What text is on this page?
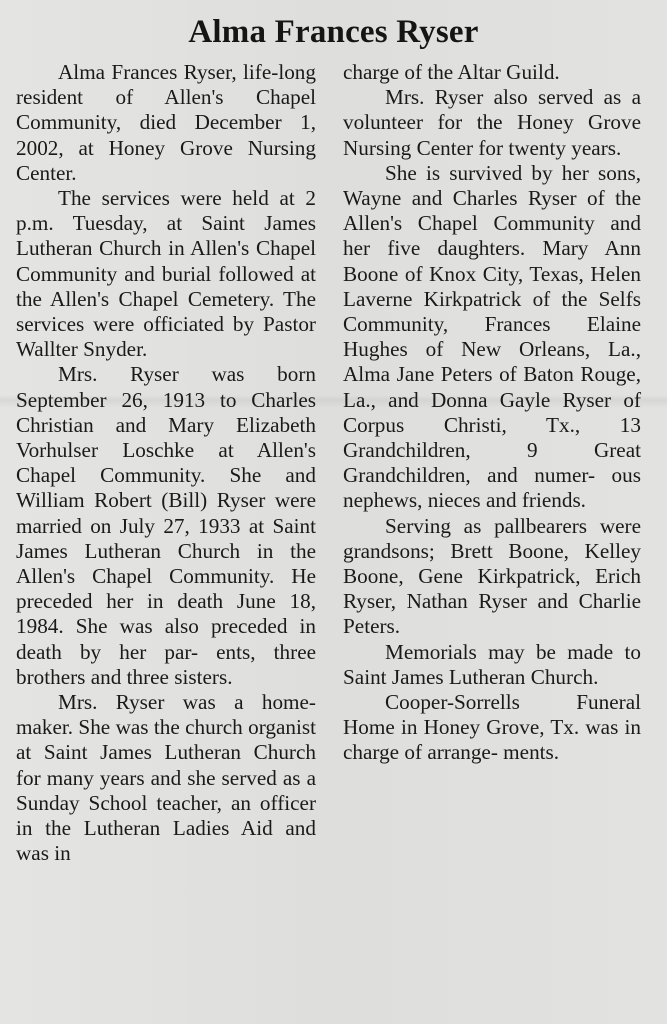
Alma Frances Ryser

Alma Frances Ryser, life-long resident of Allen's Chapel Community, died December 1, 2002, at Honey Grove Nursing Center.

The services were held at 2 p.m. Tuesday, at Saint James Lutheran Church in Allen's Chapel Community and burial followed at the Allen's Chapel Cemetery. The services were officiated by Pastor Wallter Snyder.

Mrs. Ryser was born September 26, 1913 to Charles Christian and Mary Elizabeth Vorhulser Loschke at Allen's Chapel Community. She and William Robert (Bill) Ryser were married on July 27, 1933 at Saint James Lutheran Church in the Allen's Chapel Community. He preceded her in death June 18, 1984. She was also preceded in death by her par- ents, three brothers and three sisters.

Mrs. Ryser was a home- maker. She was the church organist at Saint James Lutheran Church for many years and she served as a Sunday School teacher, an officer in the Lutheran Ladies Aid and was in

charge of the Altar Guild.

Mrs. Ryser also served as a volunteer for the Honey Grove Nursing Center for twenty years.

She is survived by her sons, Wayne and Charles Ryser of the Allen's Chapel Community and her five daughters. Mary Ann Boone of Knox City, Texas, Helen Laverne Kirkpatrick of the Selfs Community, Frances Elaine Hughes of New Orleans, La., Alma Jane Peters of Baton Rouge, La., and Donna Gayle Ryser of Corpus Christi, Tx., 13 Grandchildren, 9 Great Grandchildren, and numer- ous nephews, nieces and friends.

Serving as pallbearers were grandsons; Brett Boone, Kelley Boone, Gene Kirkpatrick, Erich Ryser, Nathan Ryser and Charlie Peters.

Memorials may be made to Saint James Lutheran Church.

Cooper-Sorrells Funeral Home in Honey Grove, Tx. was in charge of arrange- ments.
